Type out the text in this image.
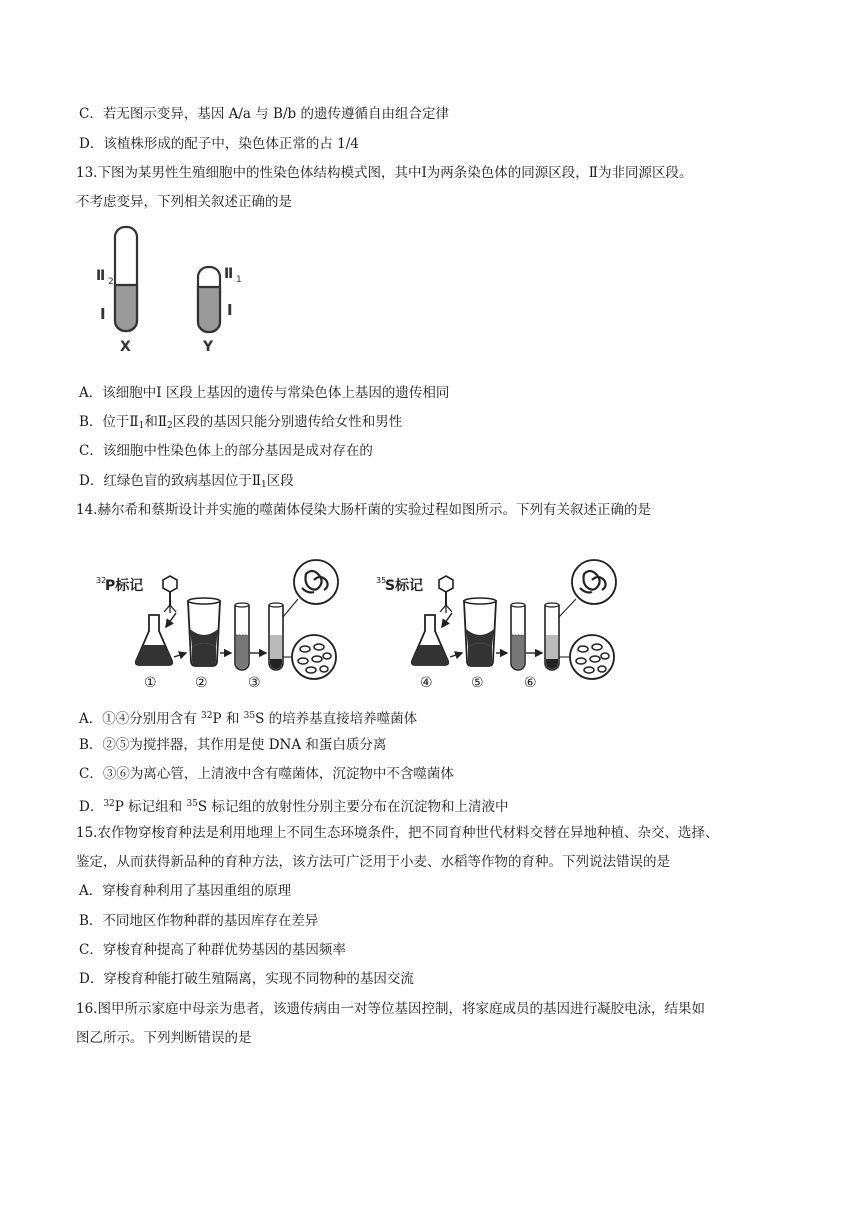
C．若无图示变异，基因 A/a 与 B/b 的遗传遵循自由组合定律
D．该植株形成的配子中，染色体正常的占 1/4
13.下图为某男性生殖细胞中的性染色体结构模式图，其中Ⅰ为两条染色体的同源区段，Ⅱ为非同源区段。
不考虑变异，下列相关叙述正确的是
Ⅱ 2
I
X
Ⅱ 1
I
Y
A．该细胞中Ⅰ 区段上基因的遗传与常染色体上基因的遗传相同
B．位于$Ⅱ_1$和$Ⅱ_2$区段的基因只能分别遗传给女性和男性
C．该细胞中性染色体上的部分基因是成对存在的
D．红绿色盲的致病基因位于$Ⅱ_1$区段
14.赫尔希和蔡斯设计并实施的噬菌体侵染大肠杆菌的实验过程如图所示。下列有关叙述正确的是
32
P标记
①	②	③
35
S标记
④	⑤	⑥
A．①④分别用含有 $^{32}$P 和 $^{35}$S 的培养基直接培养噬菌体
B．②⑤为搅拌器，其作用是使 DNA 和蛋白质分离
C．③⑥为离心管，上清液中含有噬菌体，沉淀物中不含噬菌体
D．$^{32}$P 标记组和 $^{35}$S 标记组的放射性分别主要分布在沉淀物和上清液中
15.农作物穿梭育种法是利用地理上不同生态环境条件，把不同育种世代材料交替在异地种植、杂交、选择、
鉴定，从而获得新品种的育种方法，该方法可广泛用于小麦、水稻等作物的育种。下列说法错误的是
A．穿梭育种利用了基因重组的原理
B．不同地区作物种群的基因库存在差异
C．穿梭育种提高了种群优势基因的基因频率
D．穿梭育种能打破生殖隔离，实现不同物种的基因交流
16.图甲所示家庭中母亲为患者，该遗传病由一对等位基因控制，将家庭成员的基因进行凝胶电泳，结果如
图乙所示。下列判断错误的是
